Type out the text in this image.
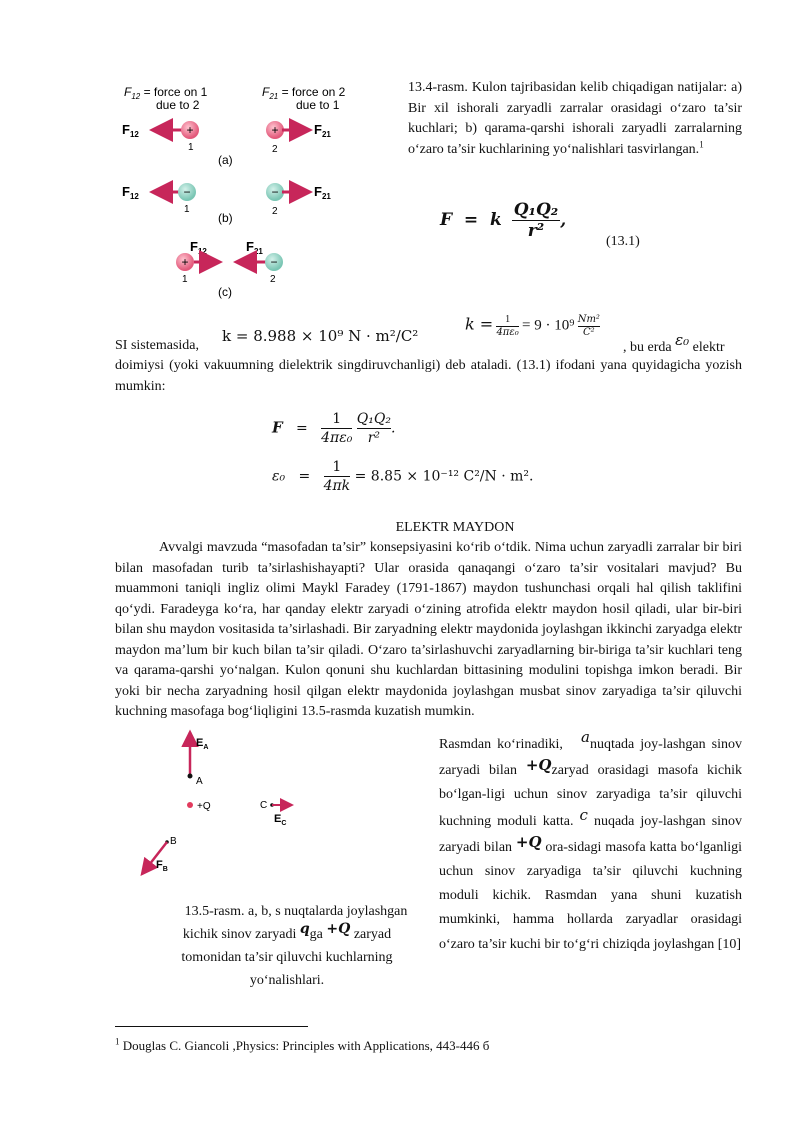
$F_{12}$ = force on 1
due to 2
$F_{21}$ = force on 2
due to 1
$F_{12}$	+
1
+	$F_{21}$
2
(a)
$F_{12}$	−
1
−	$F_{21}$
2
(b)
$F_{12}$
+
1
$F_{21}$
−
2
(c)
13.4-rasm. Kulon tajribasidan kelib chiqadigan natijalar: a) Bir xil ishorali zaryadli zarralar orasidagi o‘zaro ta’sir kuchlari; b) qarama-qarshi ishorali zaryadli zarralarning o‘zaro ta’sir kuchlarining yo‘nalishlari tasvirlangan.$^1$
F = k $\frac{\text{Q₁Q₂}}{\text{r²}}$ ,
(13.1)
SI sistemasida,
k = 8.988 × 10⁹ N · m²/C²
$k = \frac{1}{\text{4πε₀}} = 9 \cdot 10^9 \frac{\text{Nm²}}{\text{C²}}$
, bu erda ε₀ elektr
doimiysi (yoki vakuumning dielektrik singdiruvchanligi) deb ataladi. (13.1) ifodani yana quyidagicha yozish mumkin:
$F = \frac{1}{\text{4πε₀}}$
$\frac{\text{Q₁Q₂}}{\text{r²}}$ .
$\varepsilon_0 = \frac{1}{4\pi k} = 8.85 \times 10^{-12}$ C²/N · m².
ELEKTR MAYDON
Avvalgi mavzuda “masofadan ta’sir” konsepsiyasini ko‘rib o‘tdik. Nima uchun zaryadli zarralar bir biri bilan masofadan turib ta’sirlashishayapti? Ular orasida qanaqangi o‘zaro ta’sir vositalari mavjud? Bu muammoni taniqli ingliz olimi Maykl Faradey (1791-1867) maydon tushunchasi orqali hal qilish taklifini qo‘ydi. Faradeyga ko‘ra, har qanday elektr zaryadi o‘zining atrofida elektr maydon hosil qiladi, ular bir-biri bilan shu maydon vositasida ta’sirlashadi. Bir zaryadning elektr maydonida joylashgan ikkinchi zaryadga elektr maydon ma’lum bir kuch bilan ta’sir qiladi. O‘zaro ta’sirlashuvchi zaryadlarning bir-biriga ta’sir kuchlari teng va qarama-qarshi yo‘nalgan. Kulon qonuni shu kuchlardan bittasining modulini topishga imkon beradi. Bir yoki bir necha zaryadning hosil qilgan elektr maydonida joylashgan musbat sinov zaryadiga ta’sir qiluvchi kuchning masofaga bog‘liqligini 13.5-rasmda kuzatish mumkin.
$E_A$
A
+Q	C
$E_C$
B
$F_B$
13.5-rasm. a, b, s nuqtalarda joylashgan
kichik sinov zaryadi qga +Q zaryad
tomonidan ta’sir qiluvchi kuchlarning
yo‘nalishlari.
Rasmdan ko‘rinadiki, anuqtada joy-lashgan sinov zaryadi bilan +Qzaryad orasidagi masofa kichik bo‘lgan-ligi uchun sinov zaryadiga ta’sir qiluvchi kuchning moduli katta. c nuqada joy-lashgan sinov zaryadi bilan +Q ora-sidagi masofa katta bo‘lganligi uchun sinov zaryadiga ta’sir qiluvchi kuchning moduli kichik. Rasmdan yana shuni kuzatish mumkinki, hamma hollarda zaryadlar orasidagi o‘zaro ta’sir kuchi bir to‘g‘ri chiziqda joylashgan [10]
$^1$ Douglas C. Giancoli ,Physics: Principles with Applications, 443-446 б
